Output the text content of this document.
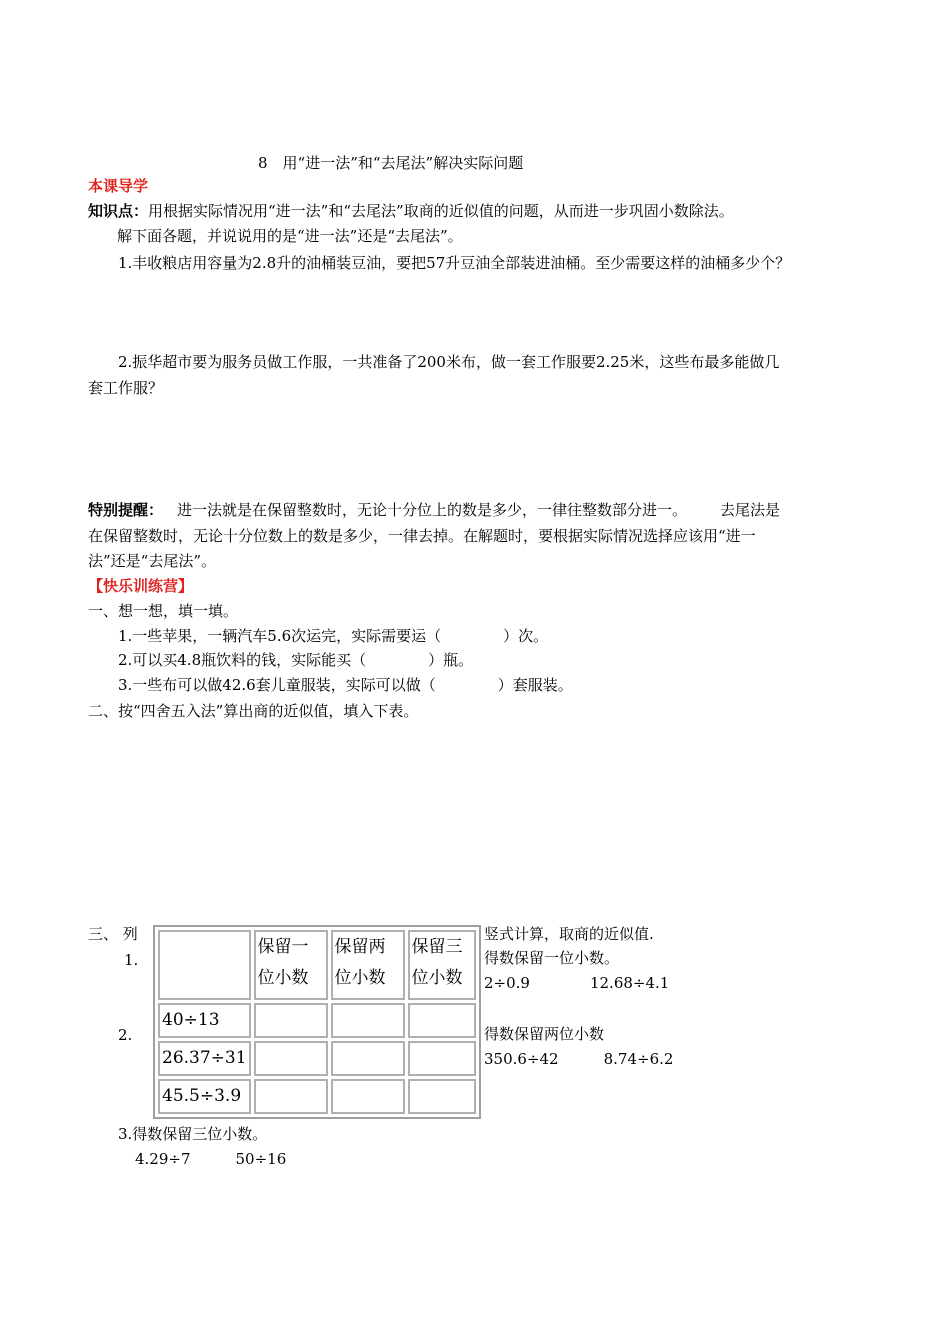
8　用“进一法”和“去尾法”解决实际问题
本课导学
知识点：用根据实际情况用“进一法”和“去尾法”取商的近似值的问题，从而进一步巩固小数除法。
解下面各题，并说说用的是“进一法”还是“去尾法”。
1.丰收粮店用容量为2.8升的油桶装豆油，要把57升豆油全部装进油桶。至少需要这样的油桶多少个？
2.振华超市要为服务员做工作服，一共准备了200米布，做一套工作服要2.25米，这些布最多能做几
套工作服？
特别提醒： 进一法就是在保留整数时，无论十分位上的数是多少，一律往整数部分进一。 去尾法是
在保留整数时，无论十分位数上的数是多少，一律去掉。在解题时，要根据实际情况选择应该用“进一
法”还是“去尾法”。
【快乐训练营】
一、想一想，填一填。
1.一些苹果，一辆汽车5.6次运完，实际需要运（	）次。
2.可以买4.8瓶饮料的钱，实际能买（	）瓶。
3.一些布可以做42.6套儿童服装，实际可以做（	）套服装。
二、按“四舍五入法”算出商的近似值，填入下表。
三、 列
1.
2.
	保留一
位小数	保留两
位小数	保留三
位小数
40÷13			
26.37÷31			
45.5÷3.9			
竖式计算，取商的近似值.
得数保留一位小数。
2÷0.9　　　　12.68÷4.1
得数保留两位小数
350.6÷42　　　8.74÷6.2
3.得数保留三位小数。
4.29÷7　　　50÷16
